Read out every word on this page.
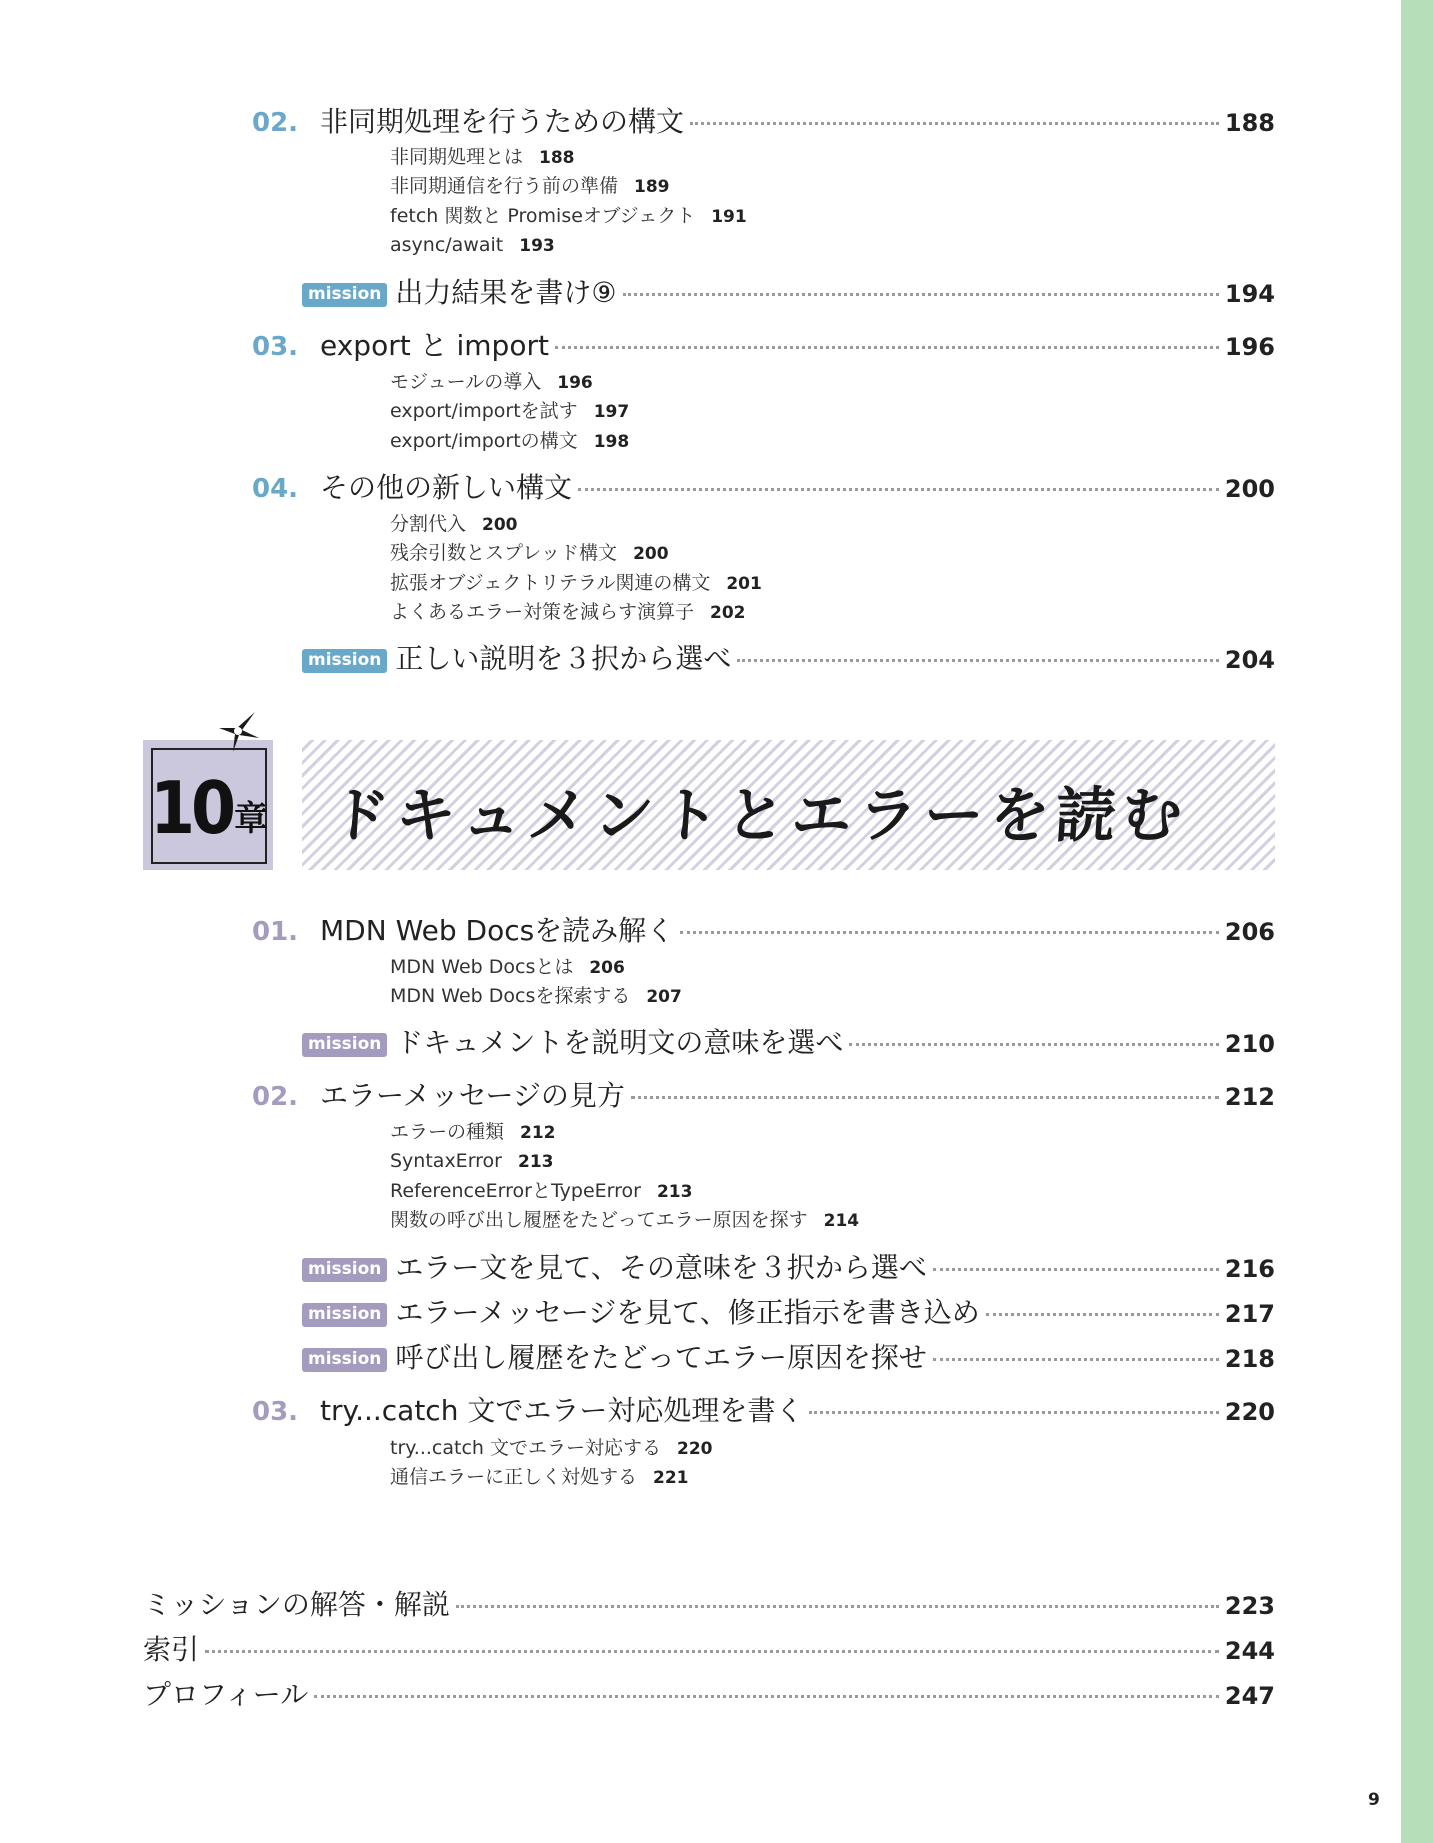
02. 非同期処理を行うための構文	188
非同期処理とは 188
非同期通信を行う前の準備 189
fetch 関数と Promiseオブジェクト 191
async/await 193
mission 出力結果を書け⑨	194
03. export と import	196
モジュールの導入 196
export/importを試す 197
export/importの構文 198
04. その他の新しい構文	200
分割代入 200
残余引数とスプレッド構文 200
拡張オブジェクトリテラル関連の構文 201
よくあるエラー対策を減らす演算子 202
mission 正しい説明を３択から選べ	204
10 章 ドキュメントとエラーを読む
01. MDN Web Docsを読み解く	206
MDN Web Docsとは 206
MDN Web Docsを探索する 207
mission ドキュメントを説明文の意味を選べ	210
02. エラーメッセージの見方	212
エラーの種類 212
SyntaxError 213
ReferenceErrorとTypeError 213
関数の呼び出し履歴をたどってエラー原因を探す 214
mission エラー文を見て、その意味を３択から選べ	216
mission エラーメッセージを見て、修正指示を書き込め	217
mission 呼び出し履歴をたどってエラー原因を探せ	218
03. try...catch 文でエラー対応処理を書く	220
try...catch 文でエラー対応する 220
通信エラーに正しく対処する 221
ミッションの解答・解説	223
索引	244
プロフィール	247
9
